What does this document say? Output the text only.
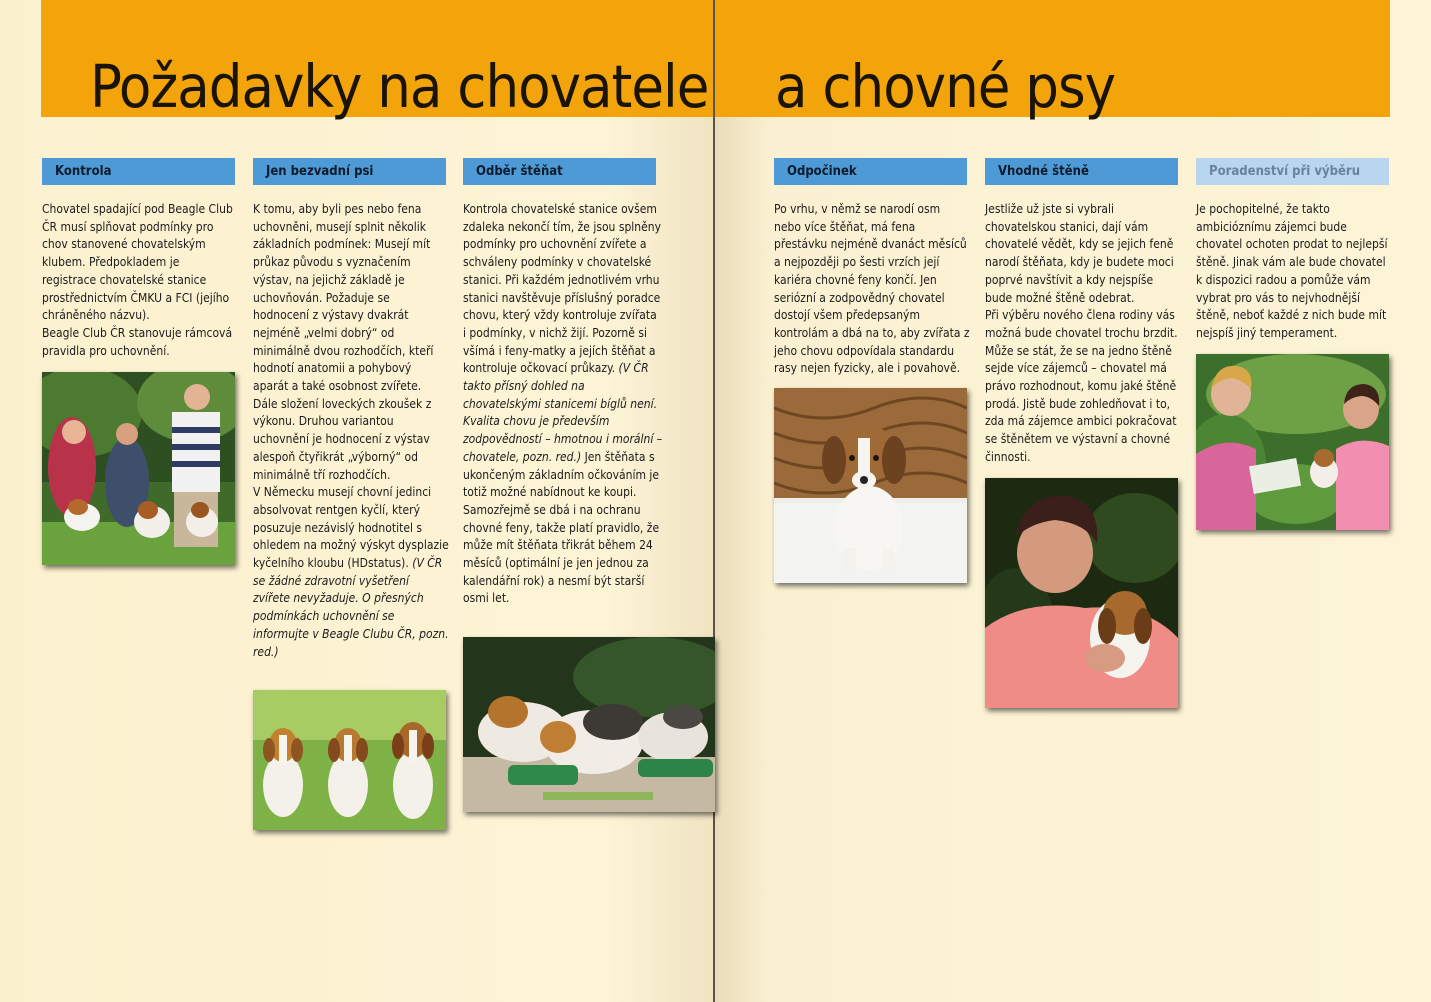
Požadavky na chovatele a chovné psy
Kontrola	Jen bezvadní psi	Odběr štěňat	Odpočinek	Vhodné štěně	Poradenství při výběru

Chovatel spadající pod Beagle Club ČR musí splňovat podmínky pro chov stanovené chovatelským klubem. Předpokladem je registrace chovatelské stanice prostřednictvím ČMKU a FCI (jejího chráněného názvu).

Beagle Club ČR stanovuje rámcová pravidla pro uchovnění.

K tomu, aby byli pes nebo fena uchovněni, musejí splnit několik základních podmínek: Musejí mít průkaz původu s vyznačením výstav, na jejichž základě je uchovňován. Požaduje se hodnocení z výstavy dvakrát nejméně „velmi dobrý“ od minimálně dvou rozhodčích, kteří hodnotí anatomii a pohybový aparát a také osobnost zvířete. Dále složení loveckých zkoušek z výkonu. Druhou variantou uchovnění je hodnocení z výstav alespoň čtyřikrát „výborný“ od minimálně tří rozhodčích.

V Německu musejí chovní jedinci absolvovat rentgen kyčlí, který posuzuje nezávislý hodnotitel s ohledem na možný výskyt dysplazie kyčelního kloubu (HDstatus). (V ČR se žádné zdravotní vyšetření zvířete nevyžaduje. O přesných podmínkách uchovnění se informujte v Beagle Clubu ČR, pozn. red.)

Kontrola chovatelské stanice ovšem zdaleka nekončí tím, že jsou splněny podmínky pro uchovnění zvířete a schváleny podmínky v chovatelské stanici. Při každém jednotlivém vrhu stanici navštěvuje příslušný poradce chovu, který vždy kontroluje zvířata i podmínky, v nichž žijí. Pozorně si všímá i feny-matky a jejích štěňat a kontroluje očkovací průkazy. (V ČR takto přísný dohled na chovatelskými stanicemi bíglů není. Kvalita chovu je především zodpovědností – hmotnou i morální – chovatele, pozn. red.) Jen štěňata s ukončeným základním očkováním je totiž možné nabídnout ke koupi. Samozřejmě se dbá i na ochranu chovné feny, takže platí pravidlo, že může mít štěňata třikrát během 24 měsíců (optimální je jen jednou za kalendářní rok) a nesmí být starší osmi let.

Po vrhu, v němž se narodí osm nebo více štěňat, má fena přestávku nejméně dvanáct měsíců a nejpozději po šesti vrzích její kariéra chovné feny končí. Jen seriózní a zodpovědný chovatel dostojí všem předepsaným kontrolám a dbá na to, aby zvířata z jeho chovu odpovídala standardu rasy nejen fyzicky, ale i povahově.

Jestliže už jste si vybrali chovatelskou stanici, dají vám chovatelé vědět, kdy se jejich feně narodí štěňata, kdy je budete moci poprvé navštívit a kdy nejspíše bude možné štěně odebrat.

Při výběru nového člena rodiny vás možná bude chovatel trochu brzdit. Může se stát, že se na jedno štěně sejde více zájemců – chovatel má právo rozhodnout, komu jaké štěně prodá. Jistě bude zohledňovat i to, zda má zájemce ambici pokračovat se štěnětem ve výstavní a chovné činnosti.

Je pochopitelné, že takto ambicióznímu zájemci bude chovatel ochoten prodat to nejlepší štěně. Jinak vám ale bude chovatel k dispozici radou a pomůže vám vybrat pro vás to nejvhodnější štěně, neboť každé z nich bude mít nejspíš jiný temperament.
